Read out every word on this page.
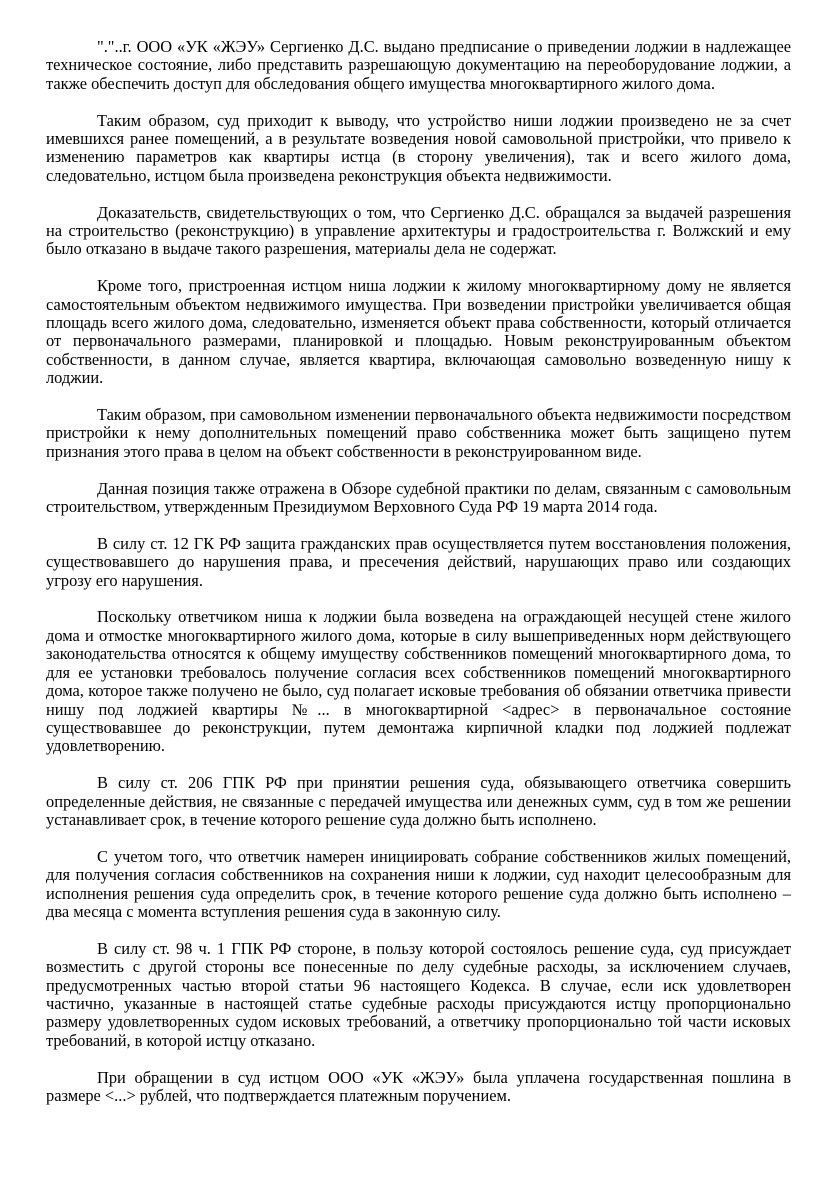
"."..г. ООО «УК «ЖЭУ» Сергиенко Д.С. выдано предписание о приведении лоджии в надлежащее техническое состояние, либо представить разрешающую документацию на переоборудование лоджии, а также обеспечить доступ для обследования общего имущества многоквартирного жилого дома.

Таким образом, суд приходит к выводу, что устройство ниши лоджии произведено не за счет имевшихся ранее помещений, а в результате возведения новой самовольной пристройки, что привело к изменению параметров как квартиры истца (в сторону увеличения), так и всего жилого дома, следовательно, истцом была произведена реконструкция объекта недвижимости.

Доказательств, свидетельствующих о том, что Сергиенко Д.С. обращался за выдачей разрешения на строительство (реконструкцию) в управление архитектуры и градостроительства г. Волжский и ему было отказано в выдаче такого разрешения, материалы дела не содержат.

Кроме того, пристроенная истцом ниша лоджии к жилому многоквартирному дому не является самостоятельным объектом недвижимого имущества. При возведении пристройки увеличивается общая площадь всего жилого дома, следовательно, изменяется объект права собственности, который отличается от первоначального размерами, планировкой и площадью. Новым реконструированным объектом собственности, в данном случае, является квартира, включающая самовольно возведенную нишу к лоджии.

Таким образом, при самовольном изменении первоначального объекта недвижимости посредством пристройки к нему дополнительных помещений право собственника может быть защищено путем признания этого права в целом на объект собственности в реконструированном виде.

Данная позиция также отражена в Обзоре судебной практики по делам, связанным с самовольным строительством, утвержденным Президиумом Верховного Суда РФ 19 марта 2014 года.

В силу ст. 12 ГК РФ защита гражданских прав осуществляется путем восстановления положения, существовавшего до нарушения права, и пресечения действий, нарушающих право или создающих угрозу его нарушения.

Поскольку ответчиком ниша к лоджии была возведена на ограждающей несущей стене жилого дома и отмостке многоквартирного жилого дома, которые в силу вышеприведенных норм действующего законодательства относятся к общему имуществу собственников помещений многоквартирного дома, то для ее установки требовалось получение согласия всех собственников помещений многоквартирного дома, которое также получено не было, суд полагает исковые требования об обязании ответчика привести нишу под лоджией квартиры №... в многоквартирной <адрес> в первоначальное состояние существовавшее до реконструкции, путем демонтажа кирпичной кладки под лоджией подлежат удовлетворению.

В силу ст. 206 ГПК РФ при принятии решения суда, обязывающего ответчика совершить определенные действия, не связанные с передачей имущества или денежных сумм, суд в том же решении устанавливает срок, в течение которого решение суда должно быть исполнено.

С учетом того, что ответчик намерен инициировать собрание собственников жилых помещений, для получения согласия собственников на сохранения ниши к лоджии, суд находит целесообразным для исполнения решения суда определить срок, в течение которого решение суда должно быть исполнено – два месяца с момента вступления решения суда в законную силу.

В силу ст. 98 ч. 1 ГПК РФ стороне, в пользу которой состоялось решение суда, суд присуждает возместить с другой стороны все понесенные по делу судебные расходы, за исключением случаев, предусмотренных частью второй статьи 96 настоящего Кодекса. В случае, если иск удовлетворен частично, указанные в настоящей статье судебные расходы присуждаются истцу пропорционально размеру удовлетворенных судом исковых требований, а ответчику пропорционально той части исковых требований, в которой истцу отказано.

При обращении в суд истцом ООО «УК «ЖЭУ» была уплачена государственная пошлина в размере <...> рублей, что подтверждается платежным поручением.
